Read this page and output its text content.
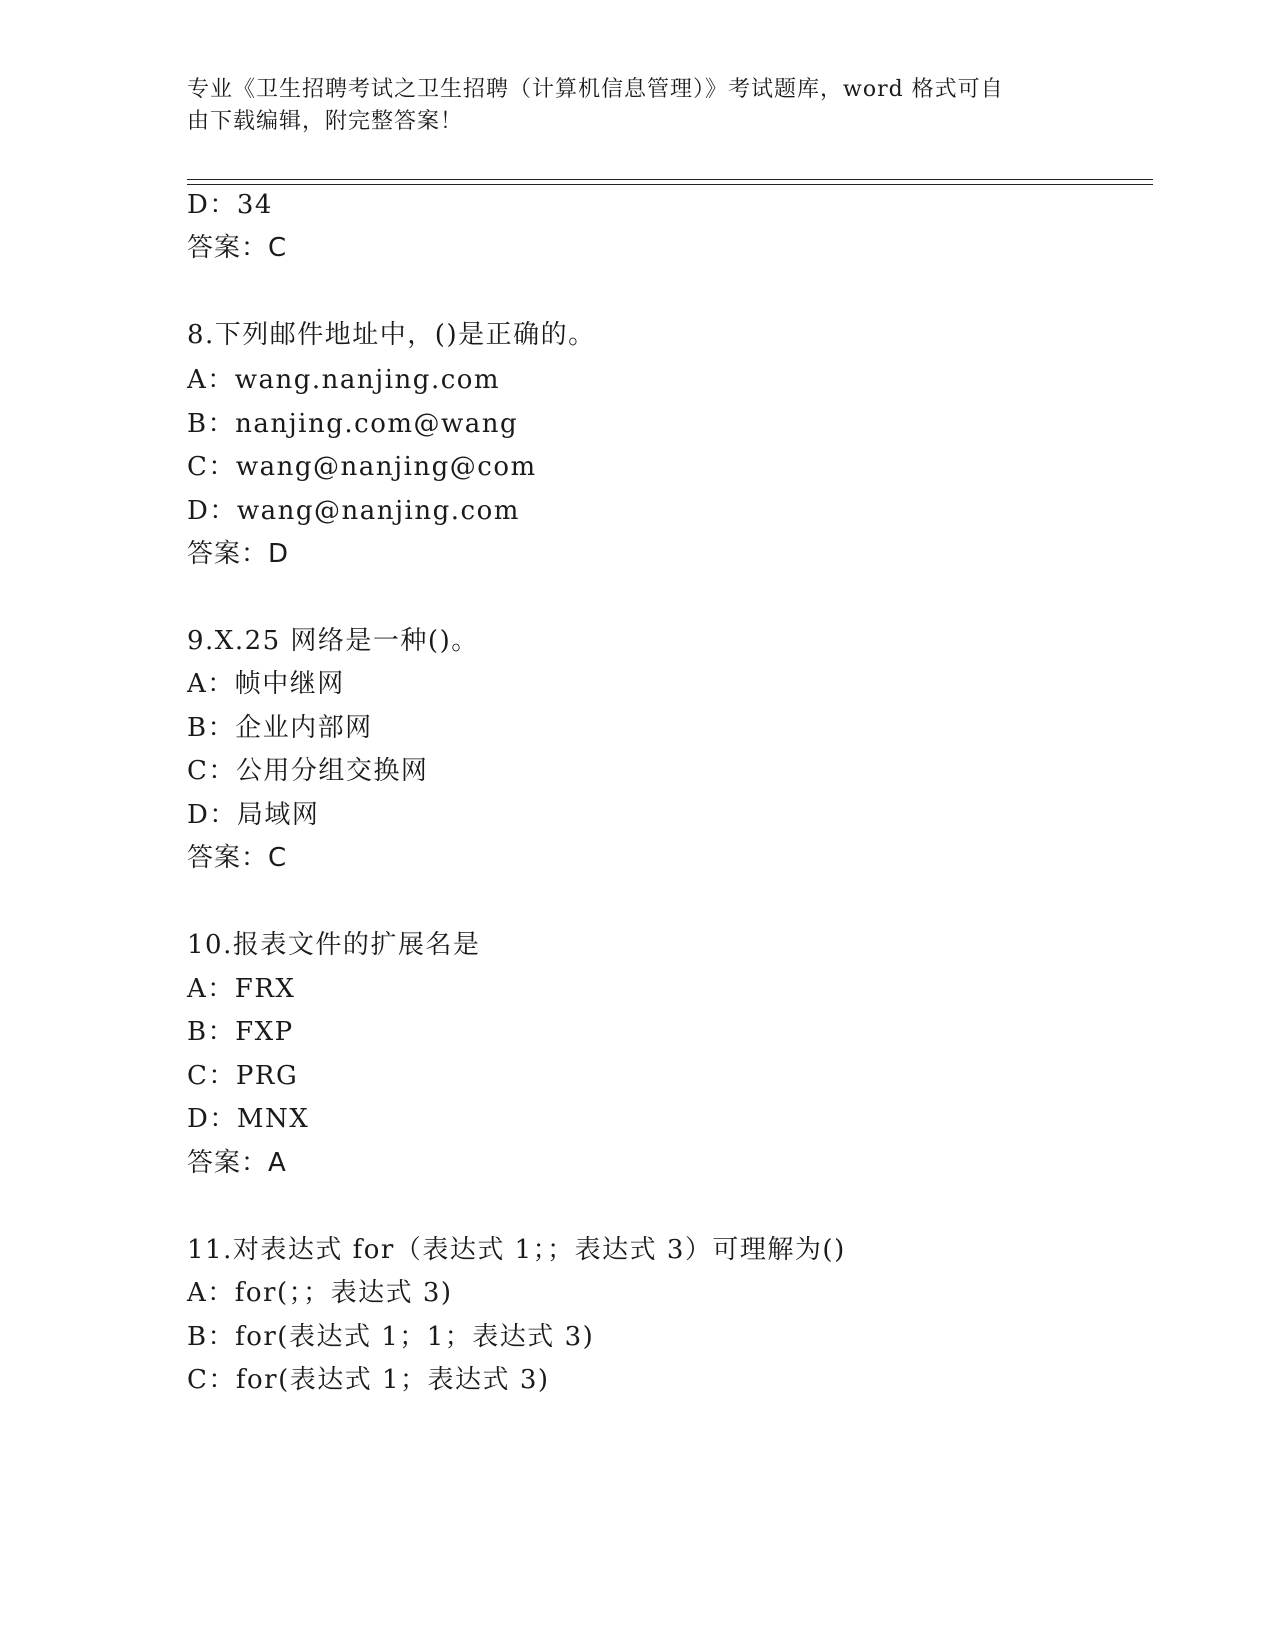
专业《卫生招聘考试之卫生招聘（计算机信息管理）》考试题库，word 格式可自
由下载编辑，附完整答案！
D：34
答案：C
8.下列邮件地址中，()是正确的。
A：wang.nanjing.com
B：nanjing.com@wang
C：wang@nanjing@com
D：wang@nanjing.com
答案：D
9.X.25 网络是一种()。
A：帧中继网
B：企业内部网
C：公用分组交换网
D：局域网
答案：C
10.报表文件的扩展名是
A：FRX
B：FXP
C：PRG
D：MNX
答案：A
11.对表达式 for（表达式 1；；表达式 3）可理解为()
A：for(；；表达式 3)
B：for(表达式 1；1；表达式 3)
C：for(表达式 1；表达式 3)
